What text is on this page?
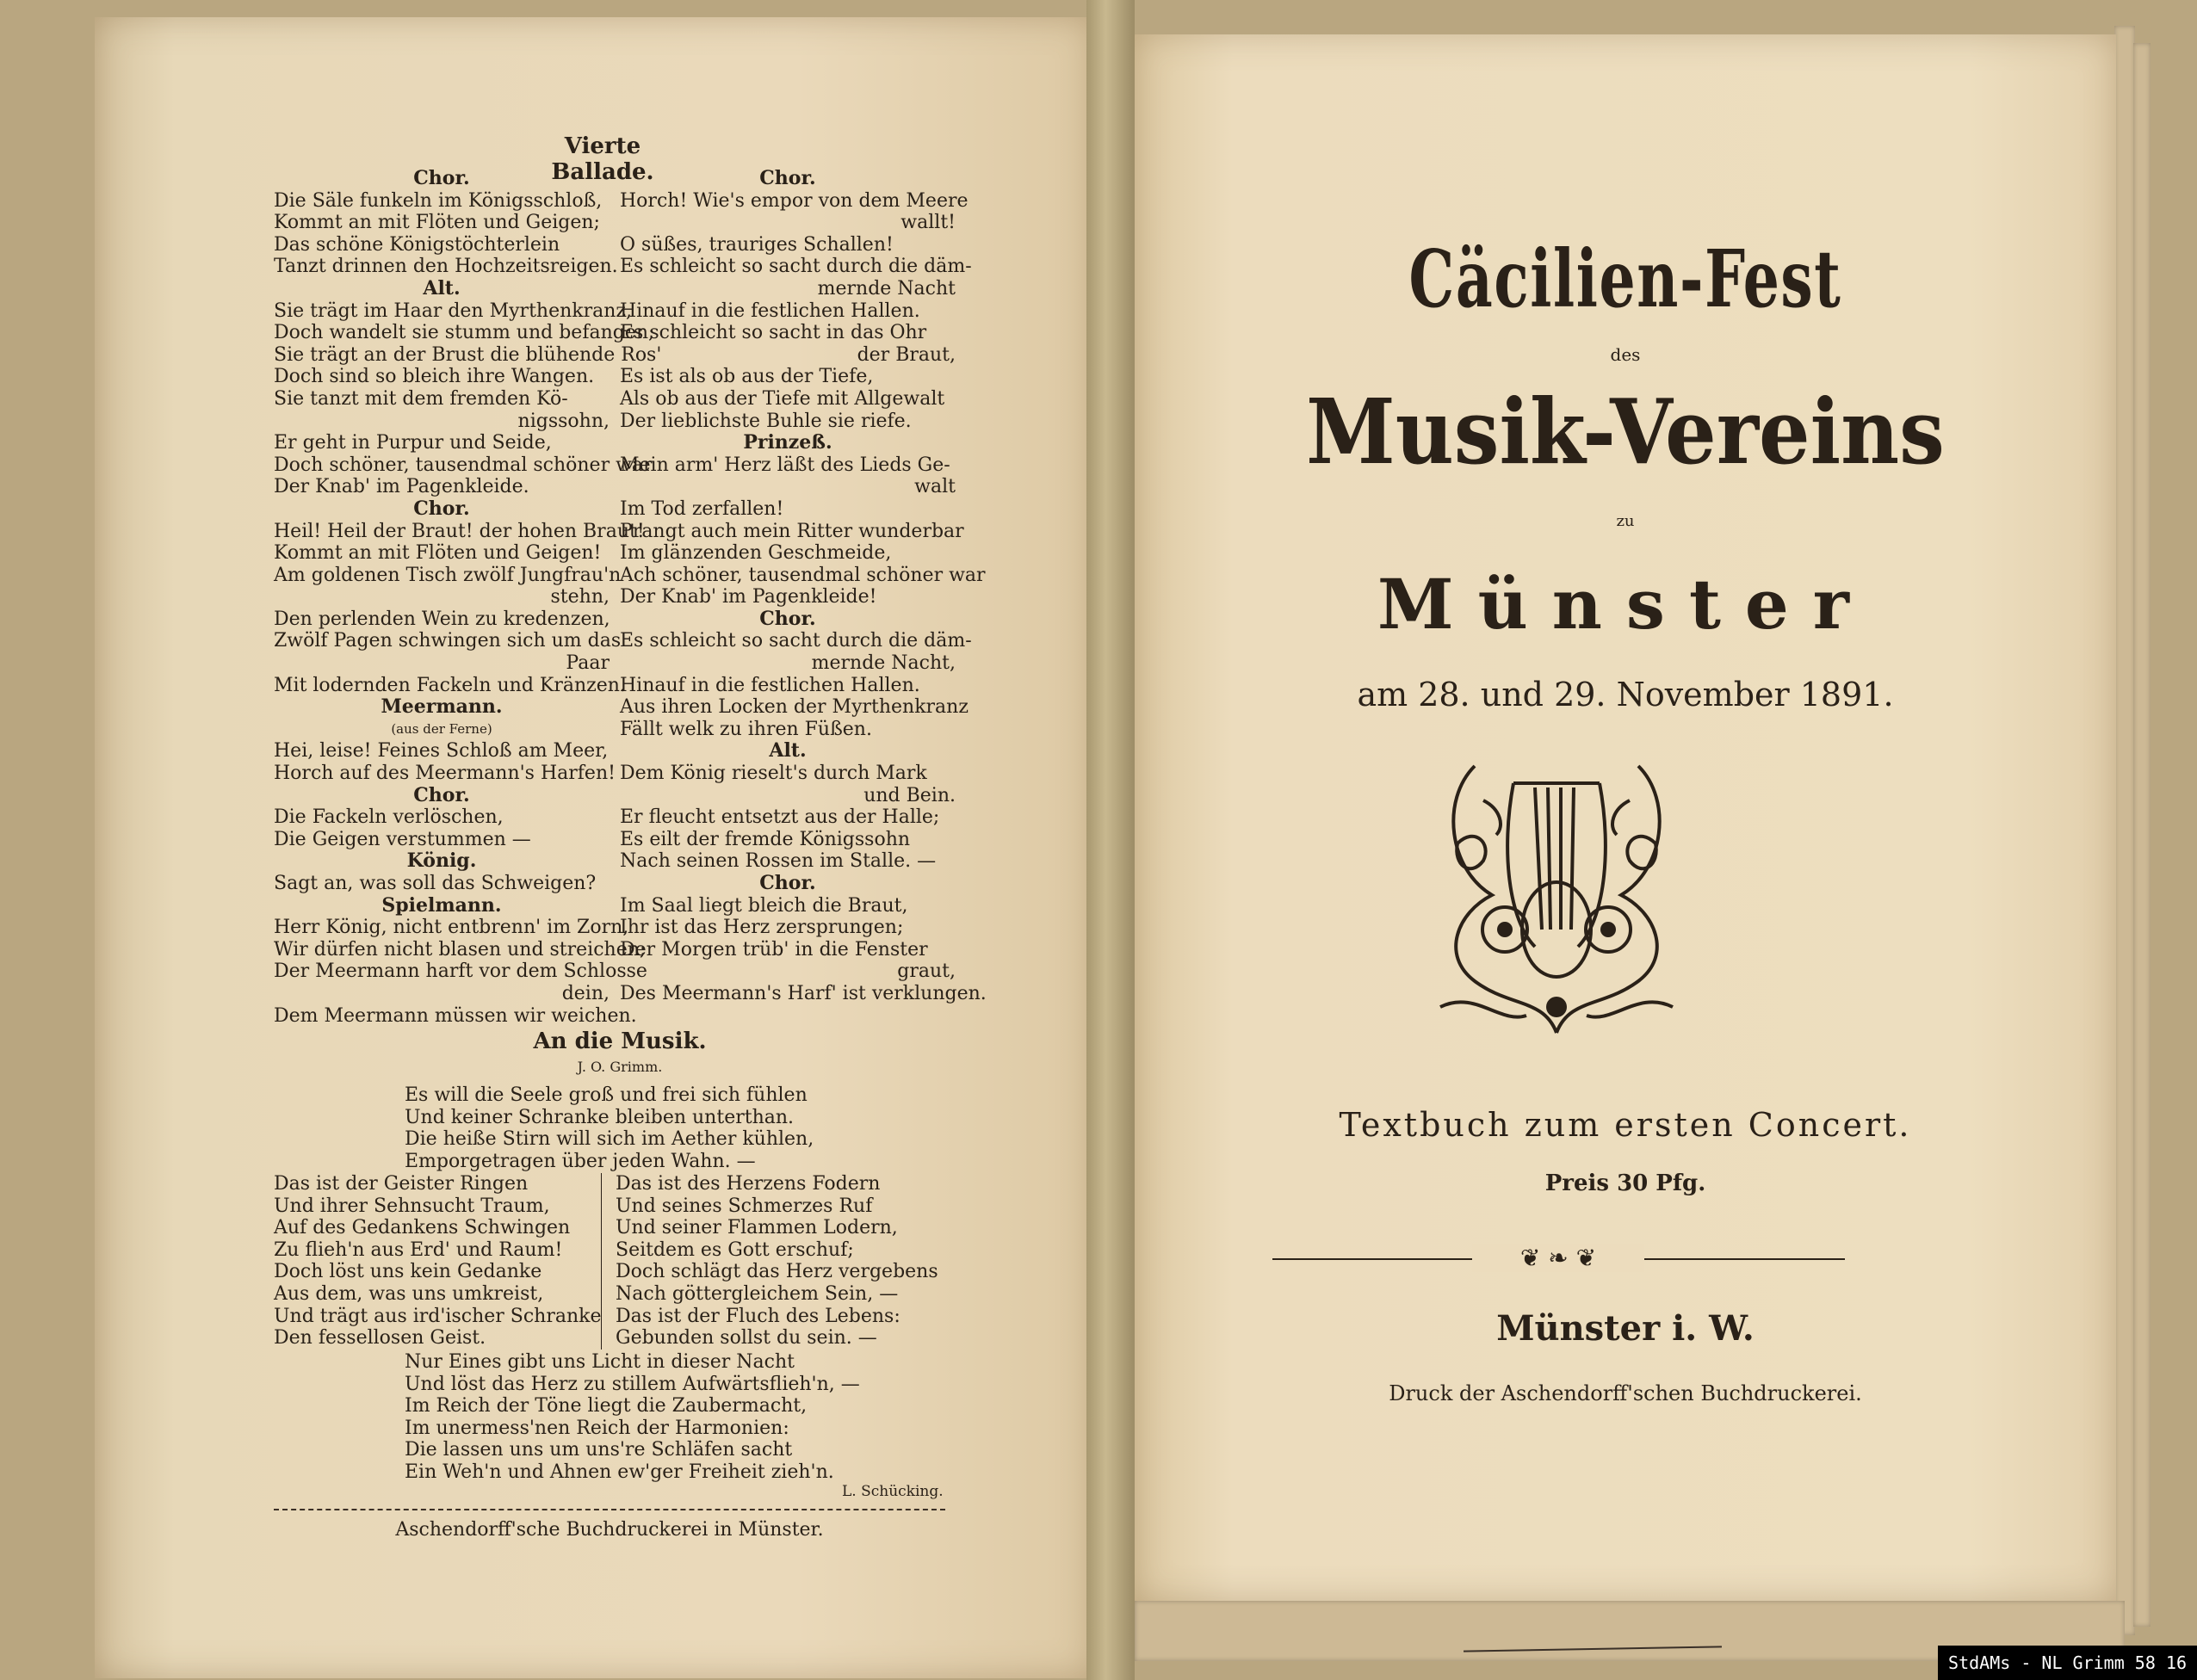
Vierte Ballade.
Chor.
Die Säle funkeln im Königsschloß,
Kommt an mit Flöten und Geigen;
Das schöne Königstöchterlein
Tanzt drinnen den Hochzeitsreigen.
Alt.
Sie trägt im Haar den Myrthenkranz,
Doch wandelt sie stumm und befangen;
Sie trägt an der Brust die blühende Ros'
Doch sind so bleich ihre Wangen.
Sie tanzt mit dem fremden Kö-
nigssohn,
Er geht in Purpur und Seide,
Doch schöner, tausendmal schöner war
Der Knab' im Pagenkleide.
Chor.
Heil! Heil der Braut! der hohen Braut!
Kommt an mit Flöten und Geigen!
Am goldenen Tisch zwölf Jungfrau'n
stehn,
Den perlenden Wein zu kredenzen,
Zwölf Pagen schwingen sich um das
Paar
Mit lodernden Fackeln und Kränzen.
Meermann.
(aus der Ferne)
Hei, leise! Feines Schloß am Meer,
Horch auf des Meermann's Harfen!
Chor.
Die Fackeln verlöschen,
Die Geigen verstummen —
König.
Sagt an, was soll das Schweigen?
Spielmann.
Herr König, nicht entbrenn' im Zorn,
Wir dürfen nicht blasen und streichen;
Der Meermann harft vor dem Schlosse
dein,
Dem Meermann müssen wir weichen.
Chor.
Horch! Wie's empor von dem Meere
wallt!
O süßes, trauriges Schallen!
Es schleicht so sacht durch die däm-
mernde Nacht
Hinauf in die festlichen Hallen.
Es schleicht so sacht in das Ohr
der Braut,
Es ist als ob aus der Tiefe,
Als ob aus der Tiefe mit Allgewalt
Der lieblichste Buhle sie riefe.
Prinzeß.
Mein arm' Herz läßt des Lieds Ge-
walt
Im Tod zerfallen!
Prangt auch mein Ritter wunderbar
Im glänzenden Geschmeide,
Ach schöner, tausendmal schöner war
Der Knab' im Pagenkleide!
Chor.
Es schleicht so sacht durch die däm-
mernde Nacht,
Hinauf in die festlichen Hallen.
Aus ihren Locken der Myrthenkranz
Fällt welk zu ihren Füßen.
Alt.
Dem König rieselt's durch Mark
und Bein.
Er fleucht entsetzt aus der Halle;
Es eilt der fremde Königssohn
Nach seinen Rossen im Stalle. —
Chor.
Im Saal liegt bleich die Braut,
Ihr ist das Herz zersprungen;
Der Morgen trüb' in die Fenster
graut,
Des Meermann's Harf' ist verklungen.
An die Musik.
J. O. Grimm.
Es will die Seele groß und frei sich fühlen
Und keiner Schranke bleiben unterthan.
Die heiße Stirn will sich im Aether kühlen,
Emporgetragen über jeden Wahn. —
Das ist der Geister Ringen
Und ihrer Sehnsucht Traum,
Auf des Gedankens Schwingen
Zu flieh'n aus Erd' und Raum!
Doch löst uns kein Gedanke
Aus dem, was uns umkreist,
Und trägt aus ird'ischer Schranke
Den fessellosen Geist.
Das ist des Herzens Fodern
Und seines Schmerzes Ruf
Und seiner Flammen Lodern,
Seitdem es Gott erschuf;
Doch schlägt das Herz vergebens
Nach göttergleichem Sein, —
Das ist der Fluch des Lebens:
Gebunden sollst du sein. —
Nur Eines gibt uns Licht in dieser Nacht
Und löst das Herz zu stillem Aufwärtsflieh'n, —
Im Reich der Töne liegt die Zaubermacht,
Im unermess'nen Reich der Harmonien:
Die lassen uns um uns're Schläfen sacht
Ein Weh'n und Ahnen ew'ger Freiheit zieh'n.
L. Schücking.
Aschendorff'sche Buchdruckerei in Münster.
Cäcilien-Fest
des
Musik-Vereins
zu
Münster
am 28. und 29. November 1891.
Textbuch zum ersten Concert.
Preis 30 Pfg.
❦ ❧ ❦
Münster i. W.
Druck der Aschendorff'schen Buchdruckerei.
StdAMs - NL Grimm 58 16
